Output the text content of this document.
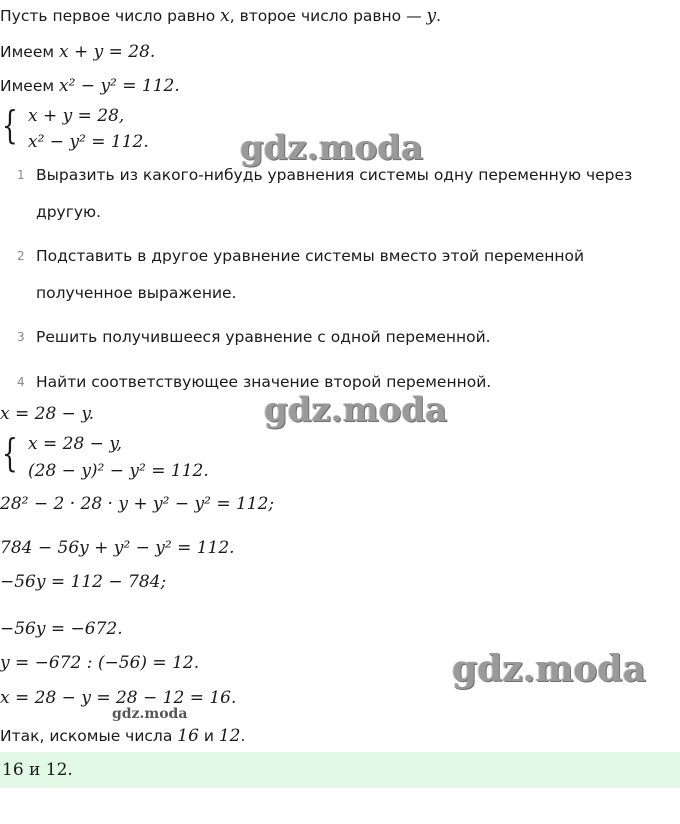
Пусть первое число равно x, второе число равно — y.
Имеем x + y = 28.
Имеем x² − y² = 112.
{ x + y = 28,
x² − y² = 112.	gdz.moda
1 Выразить из какого-нибудь уравнения системы одну переменную через другую.
2 Подставить в другое уравнение системы вместо этой переменной полученное выражение.
3 Решить получившееся уравнение с одной переменной.
4 Найти соответствующее значение второй переменной.
x = 28 − y.	gdz.moda
{ x = 28 − y,
(28 − y)² − y² = 112.
28² − 2 · 28 · y + y² − y² = 112;
784 − 56y + y² − y² = 112.
−56y = 112 − 784;
−56y = −672.
y = −672 : (−56) = 12.	gdz.moda
x = 28 − y = 28 − 12 = 16.
gdz.moda
Итак, искомые числа 16 и 12.
16 и 12.
